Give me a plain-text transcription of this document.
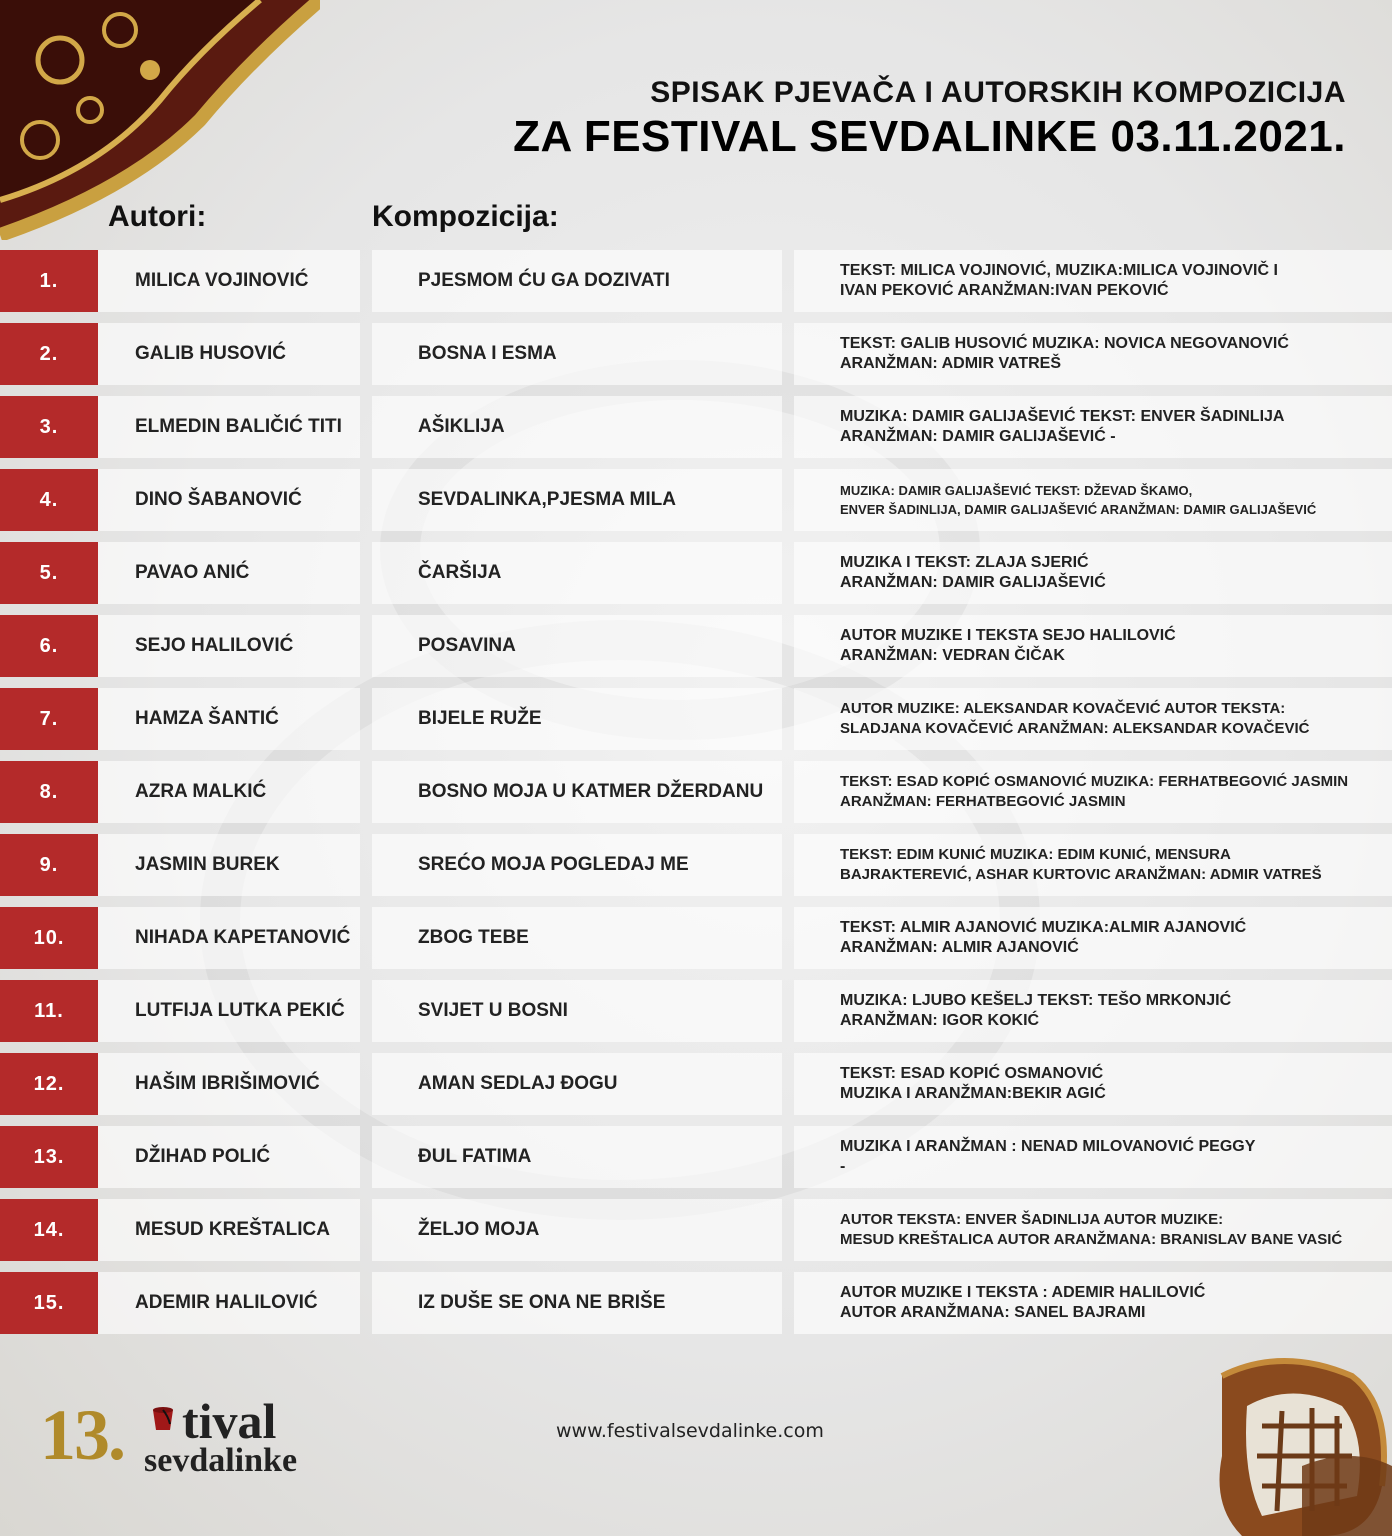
SPISAK PJEVAČA I AUTORSKIH KOMPOZICIJA
ZA FESTIVAL SEVDALINKE 03.11.2021.
Autori:	Kompozicija:
1.	MILICA VOJINOVIĆ	PJESMOM ĆU GA DOZIVATI	TEKST: MILICA VOJINOVIĆ, MUZIKA:MILICA VOJINOVIČ I
IVAN PEKOVIĆ ARANŽMAN:IVAN PEKOVIĆ
2.	GALIB HUSOVIĆ	BOSNA I ESMA	TEKST: GALIB HUSOVIĆ MUZIKA: NOVICA NEGOVANOVIĆ
ARANŽMAN: ADMIR VATREŠ
3.	ELMEDIN BALIČIĆ TITI	AŠIKLIJA	MUZIKA: DAMIR GALIJAŠEVIĆ TEKST: ENVER ŠADINLIJA
ARANŽMAN: DAMIR GALIJAŠEVIĆ -
4.	DINO ŠABANOVIĆ	SEVDALINKA,PJESMA MILA	MUZIKA: DAMIR GALIJAŠEVIĆ TEKST: DŽEVAD ŠKAMO,
ENVER ŠADINLIJA, DAMIR GALIJAŠEVIĆ ARANŽMAN: DAMIR GALIJAŠEVIĆ
5.	PAVAO ANIĆ	ČARŠIJA	MUZIKA I TEKST: ZLAJA SJERIĆ
ARANŽMAN: DAMIR GALIJAŠEVIĆ
6.	SEJO HALILOVIĆ	POSAVINA	AUTOR MUZIKE I TEKSTA SEJO HALILOVIĆ
ARANŽMAN: VEDRAN ČIČAK
7.	HAMZA ŠANTIĆ	BIJELE RUŽE	AUTOR MUZIKE: ALEKSANDAR KOVAČEVIĆ AUTOR TEKSTA:
SLADJANA KOVAČEVIĆ ARANŽMAN: ALEKSANDAR KOVAČEVIĆ
8.	AZRA MALKIĆ	BOSNO MOJA U KATMER DŽERDANU	TEKST: ESAD KOPIĆ OSMANOVIĆ MUZIKA: FERHATBEGOVIĆ JASMIN
ARANŽMAN: FERHATBEGOVIĆ JASMIN
9.	JASMIN BUREK	SREĆO MOJA POGLEDAJ ME	TEKST: EDIM KUNIĆ MUZIKA: EDIM KUNIĆ, MENSURA
BAJRAKTEREVIĆ, ASHAR KURTOVIC ARANŽMAN: ADMIR VATREŠ
10.	NIHADA KAPETANOVIĆ	ZBOG TEBE	TEKST: ALMIR AJANOVIĆ MUZIKA:ALMIR AJANOVIĆ
ARANŽMAN: ALMIR AJANOVIĆ
11.	LUTFIJA LUTKA PEKIĆ	SVIJET U BOSNI	MUZIKA: LJUBO KEŠELJ TEKST: TEŠO MRKONJIĆ
ARANŽMAN: IGOR KOKIĆ
12.	HAŠIM IBRIŠIMOVIĆ	AMAN SEDLAJ ĐOGU	TEKST: ESAD KOPIĆ OSMANOVIĆ
MUZIKA I ARANŽMAN:BEKIR AGIĆ
13.	DŽIHAD POLIĆ	ĐUL FATIMA	MUZIKA I ARANŽMAN : NENAD MILOVANOVIĆ PEGGY
-
14.	MESUD KREŠTALICA	ŽELJO MOJA	AUTOR TEKSTA: ENVER ŠADINLIJA AUTOR MUZIKE:
MESUD KREŠTALICA AUTOR ARANŽMANA: BRANISLAV BANE VASIĆ
15.	ADEMIR HALILOVIĆ	IZ DUŠE SE ONA NE BRIŠE	AUTOR MUZIKE I TEKSTA : ADEMIR HALILOVIĆ
AUTOR ARANŽMANA: SANEL BAJRAMI
13. tival
sevdalinke
www.festivalsevdalinke.com
